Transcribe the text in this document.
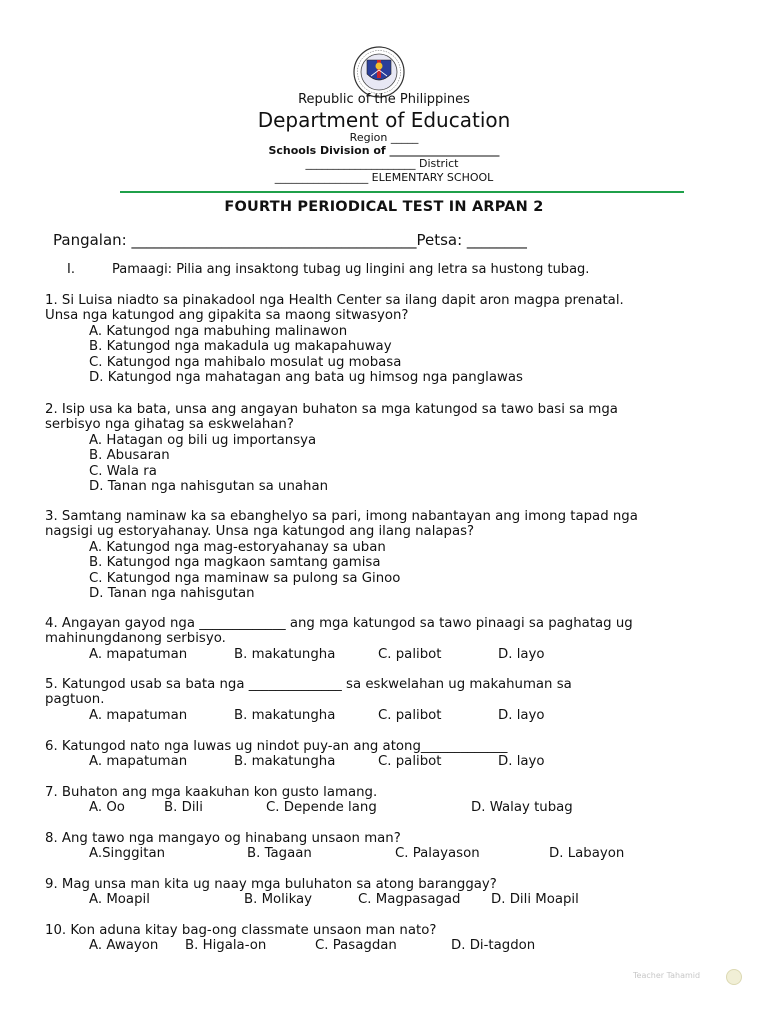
Republic of the Philippines
Department of Education
Region _____
Schools Division of ____________________
____________________ District
_________________ ELEMENTARY SCHOOL
FOURTH PERIODICAL TEST IN ARPAN 2
Pangalan: ______________________________________Petsa: ________
I.	Pamaagi: Pilia ang insaktong tubag ug lingini ang letra sa hustong tubag.
1. Si Luisa niadto sa pinakadool nga Health Center sa ilang dapit aron magpa prenatal.
Unsa nga katungod ang gipakita sa maong sitwasyon?
A. Katungod nga mabuhing malinawon
B. Katungod nga makadula ug makapahuway
C. Katungod nga mahibalo mosulat ug mobasa
D. Katungod nga mahatagan ang bata ug himsog nga panglawas
2. Isip usa ka bata, unsa ang angayan buhaton sa mga katungod sa tawo basi sa mga
serbisyo nga gihatag sa eskwelahan?
A. Hatagan og bili ug importansya
B. Abusaran
C. Wala ra
D. Tanan nga nahisgutan sa unahan
3. Samtang naminaw ka sa ebanghelyo sa pari, imong nabantayan ang imong tapad nga
nagsigi ug estoryahanay. Unsa nga katungod ang ilang nalapas?
A. Katungod nga mag-estoryahanay sa uban
B. Katungod nga magkaon samtang gamisa
C. Katungod nga maminaw sa pulong sa Ginoo
D. Tanan nga nahisgutan
4. Angayan gayod nga _____________ ang mga katungod sa tawo pinaagi sa paghatag ug
mahinungdanong serbisyo.
A. mapatuman	B. makatungha	C. palibot	D. layo
5. Katungod usab sa bata nga ______________ sa eskwelahan ug makahuman sa
pagtuon.
A. mapatuman	B. makatungha	C. palibot	D. layo
6. Katungod nato nga luwas ug nindot puy-an ang atong_____________
A. mapatuman	B. makatungha	C. palibot	D. layo
7. Buhaton ang mga kaakuhan kon gusto lamang.
A. Oo	B. Dili	C. Depende lang	D. Walay tubag
8. Ang tawo nga mangayo og hinabang unsaon man?
A.Singgitan	B. Tagaan	C. Palayason	D. Labayon
9. Mag unsa man kita ug naay mga buluhaton sa atong baranggay?
A. Moapil	B. Molikay	C. Magpasagad D. Dili Moapil
10. Kon aduna kitay bag-ong classmate unsaon man nato?
A. Awayon B. Higala-on	C. Pasagdan	D. Di-tagdon
Teacher Tahamid
